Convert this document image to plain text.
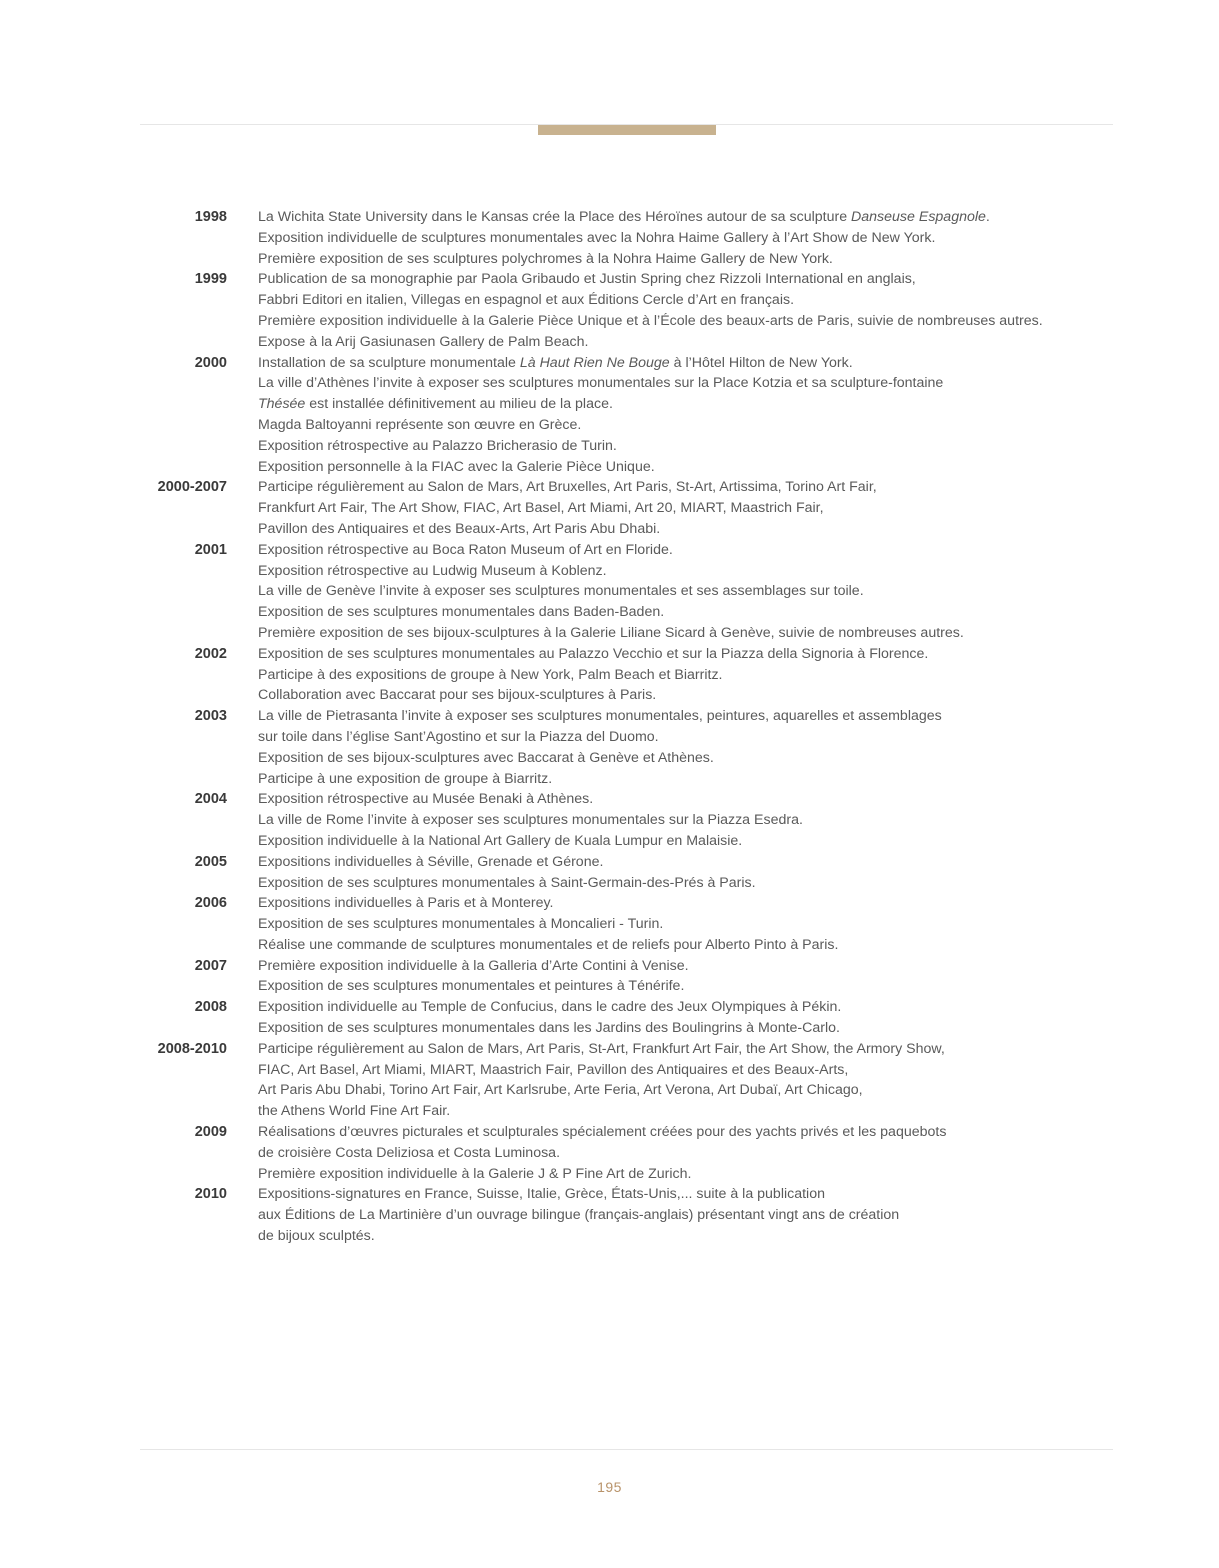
1998 La Wichita State University dans le Kansas crée la Place des Héroïnes autour de sa sculpture Danseuse Espagnole.
Exposition individuelle de sculptures monumentales avec la Nohra Haime Gallery à l’Art Show de New York.
Première exposition de ses sculptures polychromes à la Nohra Haime Gallery de New York.
1999 Publication de sa monographie par Paola Gribaudo et Justin Spring chez Rizzoli International en anglais,
Fabbri Editori en italien, Villegas en espagnol et aux Éditions Cercle d’Art en français.
Première exposition individuelle à la Galerie Pièce Unique et à l’École des beaux-arts de Paris, suivie de nombreuses autres.
Expose à la Arij Gasiunasen Gallery de Palm Beach.
2000 Installation de sa sculpture monumentale Là Haut Rien Ne Bouge à l’Hôtel Hilton de New York.
La ville d’Athènes l’invite à exposer ses sculptures monumentales sur la Place Kotzia et sa sculpture-fontaine
Thésée est installée définitivement au milieu de la place.
Magda Baltoyanni représente son œuvre en Grèce.
Exposition rétrospective au Palazzo Bricherasio de Turin.
Exposition personnelle à la FIAC avec la Galerie Pièce Unique.
2000-2007 Participe régulièrement au Salon de Mars, Art Bruxelles, Art Paris, St-Art, Artissima, Torino Art Fair,
Frankfurt Art Fair, The Art Show, FIAC, Art Basel, Art Miami, Art 20, MIART, Maastrich Fair,
Pavillon des Antiquaires et des Beaux-Arts, Art Paris Abu Dhabi.
2001 Exposition rétrospective au Boca Raton Museum of Art en Floride.
Exposition rétrospective au Ludwig Museum à Koblenz.
La ville de Genève l’invite à exposer ses sculptures monumentales et ses assemblages sur toile.
Exposition de ses sculptures monumentales dans Baden-Baden.
Première exposition de ses bijoux-sculptures à la Galerie Liliane Sicard à Genève, suivie de nombreuses autres.
2002 Exposition de ses sculptures monumentales au Palazzo Vecchio et sur la Piazza della Signoria à Florence.
Participe à des expositions de groupe à New York, Palm Beach et Biarritz.
Collaboration avec Baccarat pour ses bijoux-sculptures à Paris.
2003 La ville de Pietrasanta l’invite à exposer ses sculptures monumentales, peintures, aquarelles et assemblages
sur toile dans l’église Sant’Agostino et sur la Piazza del Duomo.
Exposition de ses bijoux-sculptures avec Baccarat à Genève et Athènes.
Participe à une exposition de groupe à Biarritz.
2004 Exposition rétrospective au Musée Benaki à Athènes.
La ville de Rome l’invite à exposer ses sculptures monumentales sur la Piazza Esedra.
Exposition individuelle à la National Art Gallery de Kuala Lumpur en Malaisie.
2005 Expositions individuelles à Séville, Grenade et Gérone.
Exposition de ses sculptures monumentales à Saint-Germain-des-Prés à Paris.
2006 Expositions individuelles à Paris et à Monterey.
Exposition de ses sculptures monumentales à Moncalieri - Turin.
Réalise une commande de sculptures monumentales et de reliefs pour Alberto Pinto à Paris.
2007 Première exposition individuelle à la Galleria d’Arte Contini à Venise.
Exposition de ses sculptures monumentales et peintures à Ténérife.
2008 Exposition individuelle au Temple de Confucius, dans le cadre des Jeux Olympiques à Pékin.
Exposition de ses sculptures monumentales dans les Jardins des Boulingrins à Monte-Carlo.
2008-2010 Participe régulièrement au Salon de Mars, Art Paris, St-Art, Frankfurt Art Fair, the Art Show, the Armory Show,
FIAC, Art Basel, Art Miami, MIART, Maastrich Fair, Pavillon des Antiquaires et des Beaux-Arts,
Art Paris Abu Dhabi, Torino Art Fair, Art Karlsrube, Arte Feria, Art Verona, Art Dubaï, Art Chicago,
the Athens World Fine Art Fair.
2009 Réalisations d’œuvres picturales et sculpturales spécialement créées pour des yachts privés et les paquebots
de croisière Costa Deliziosa et Costa Luminosa.
Première exposition individuelle à la Galerie J & P Fine Art de Zurich.
2010 Expositions-signatures en France, Suisse, Italie, Grèce, États-Unis,... suite à la publication
aux Éditions de La Martinière d’un ouvrage bilingue (français-anglais) présentant vingt ans de création
de bijoux sculptés.
195
